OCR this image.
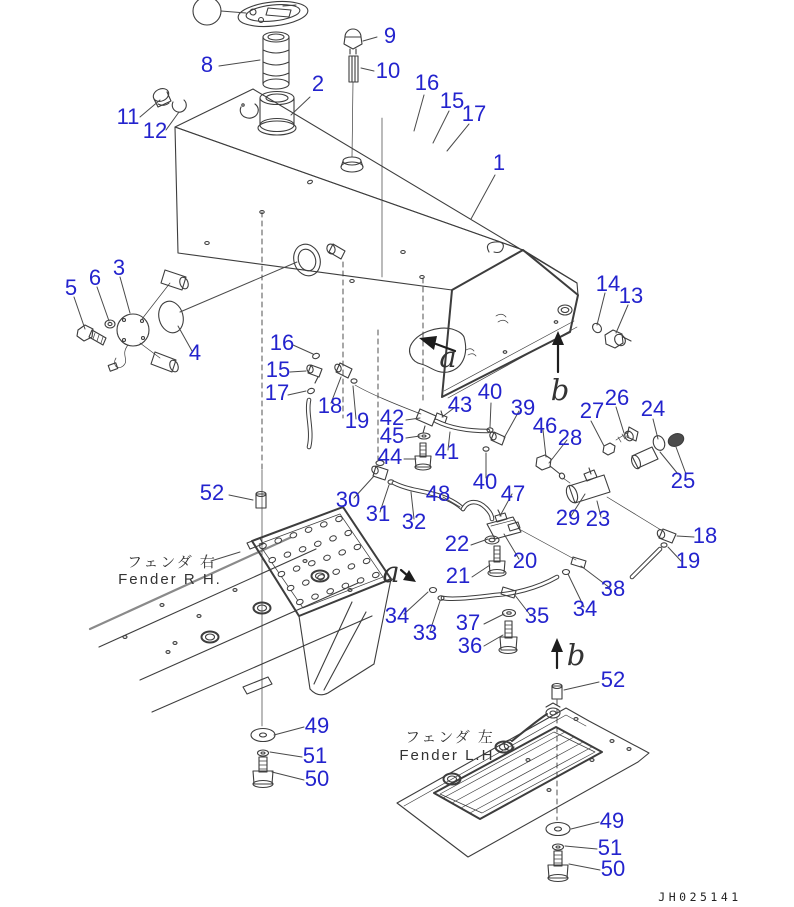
7
8
9
10
2	16
15
17
1
11
12
5 6 3
4
14
13
16
15
17
18
19 42
45
44
43
41
40
39
40 47
46 28
27
26 24
25
30
31 32
48
22
21
20
29 23
18
19
38
34
35
37
33
34
36
52
52
49
51
50
49
51
50
a
a
b
b
フェンダ 右
Fender R H.
フェンダ 左
Fender L.H.
JH025141
